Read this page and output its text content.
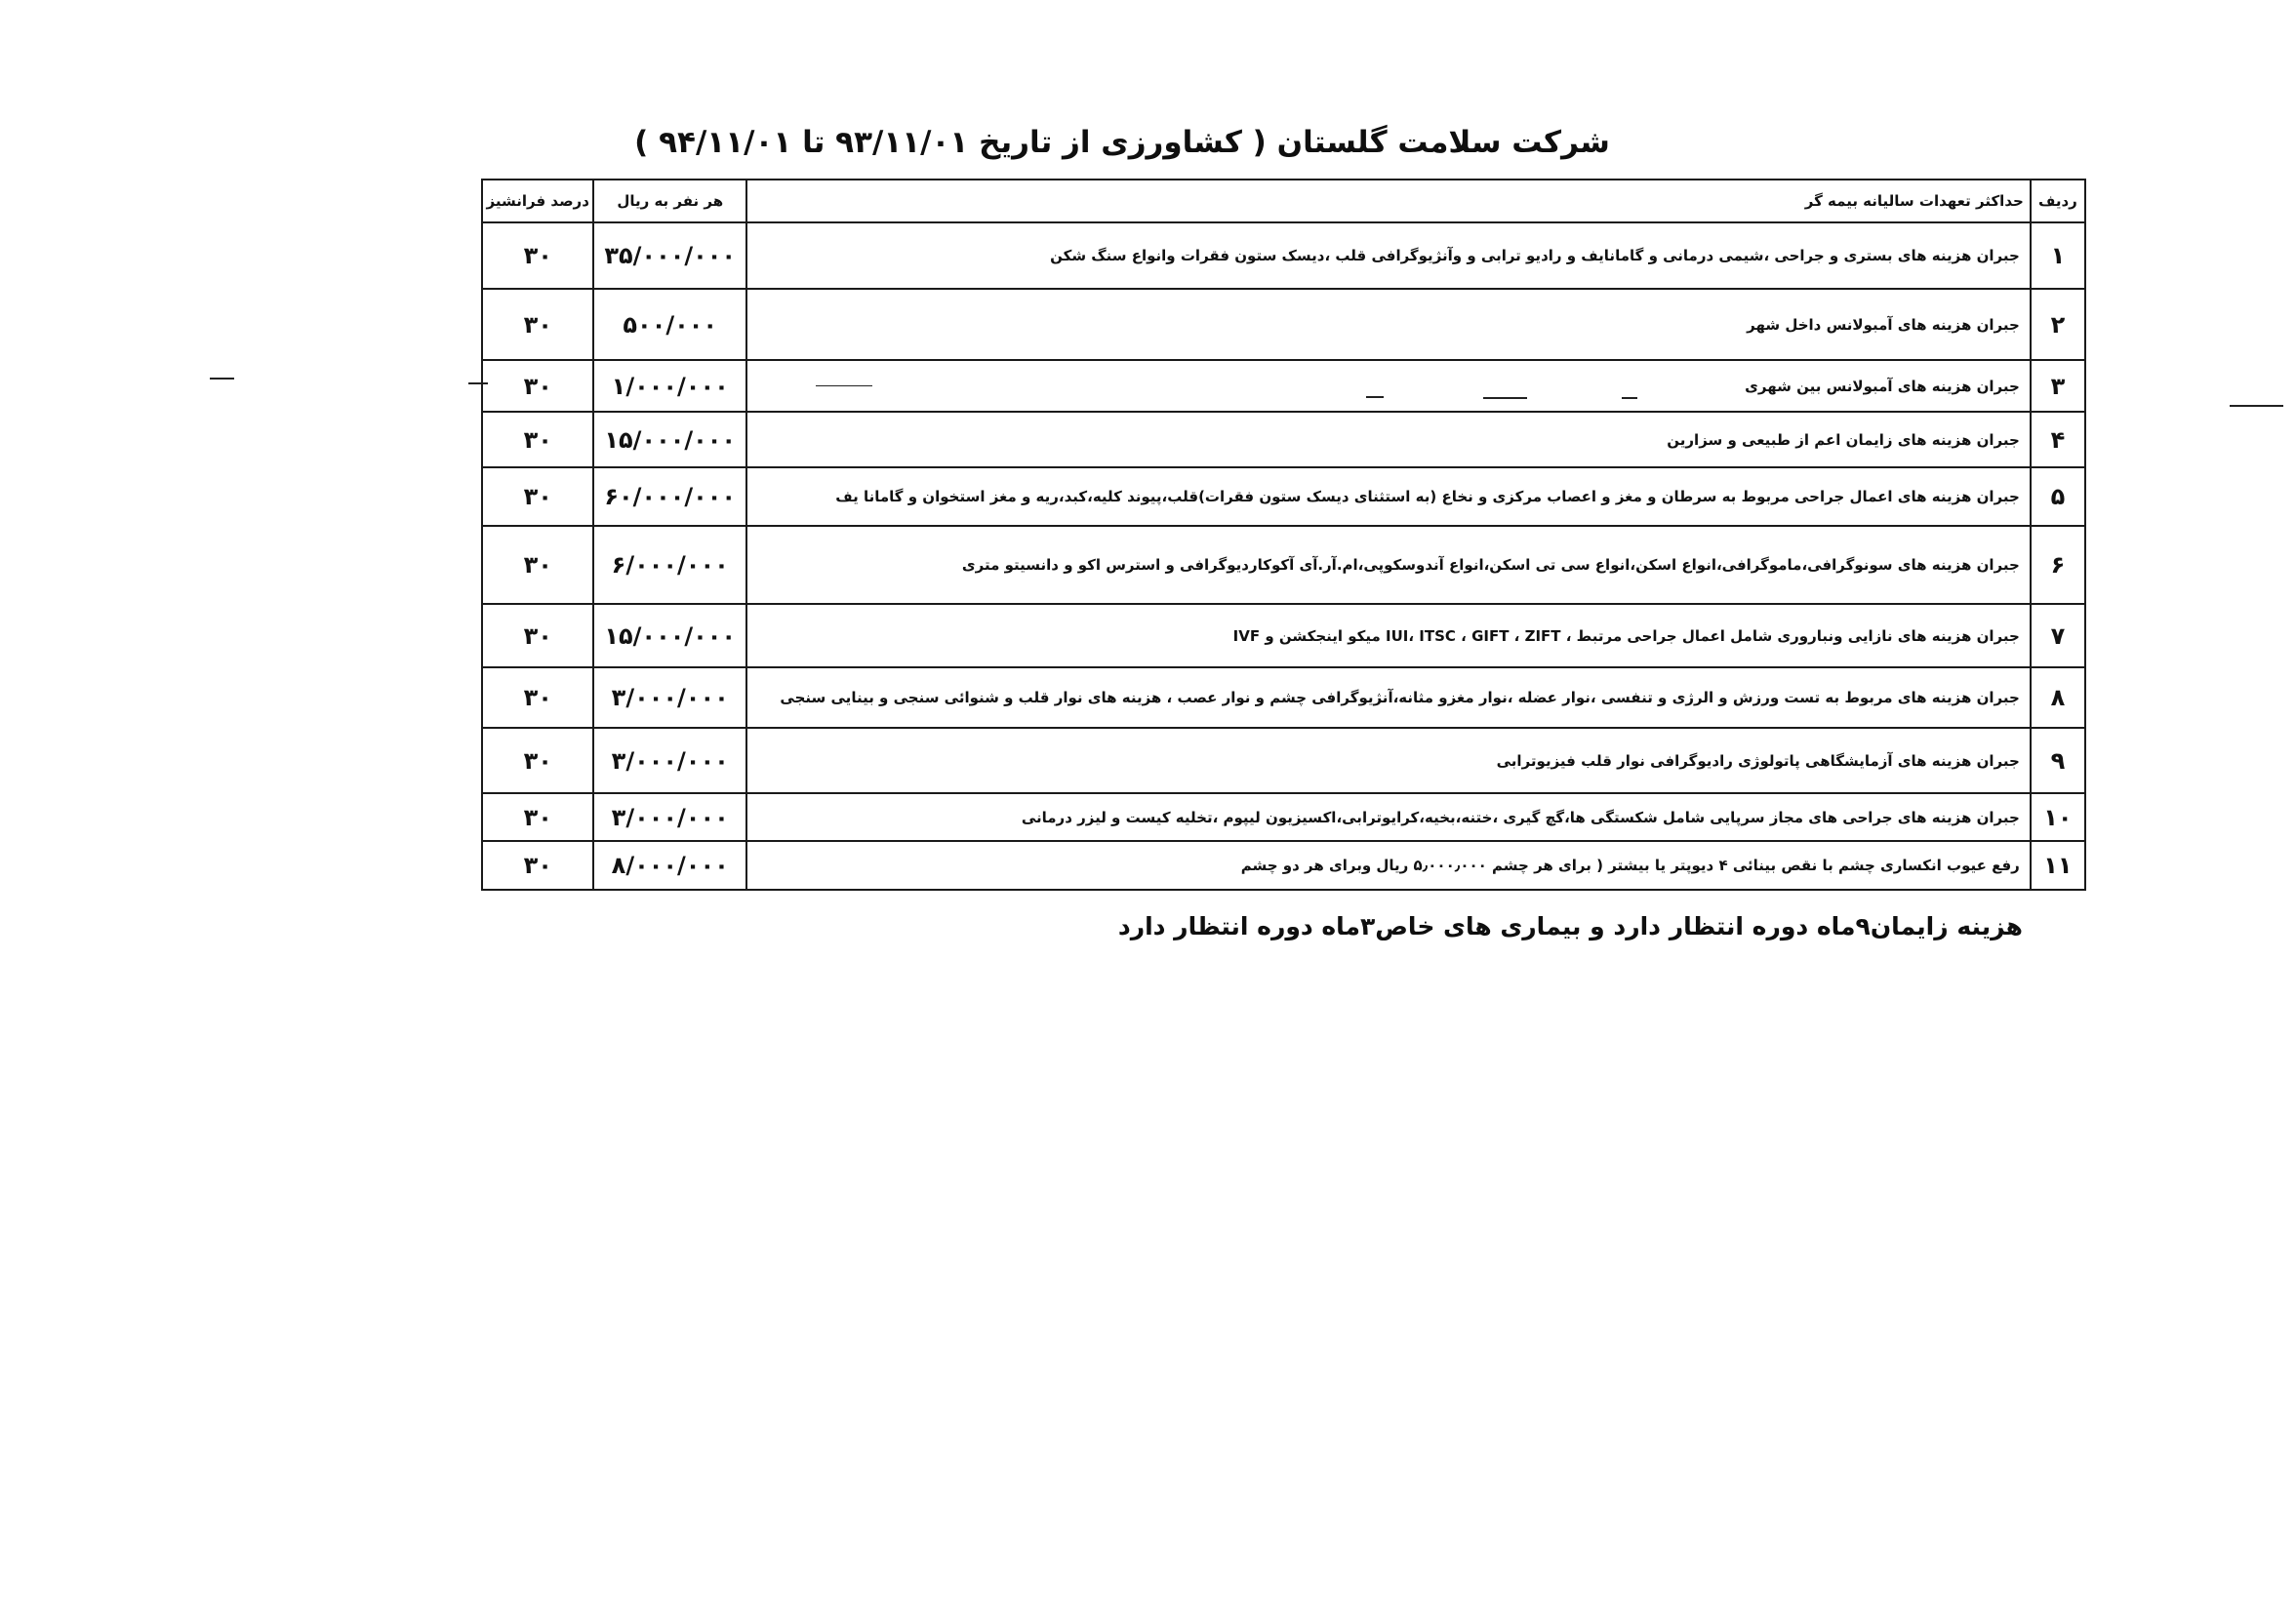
شرکت سلامت گلستان ( کشاورزی از تاریخ ۹۳/۱۱/۰۱ تا ۹۴/۱۱/۰۱ )
ردیف	حداکثر تعهدات سالیانه بیمه گر	هر نفر به ریال	درصد فرانشیز
۱	جبران هزینه های بستری و جراحی ،شیمی درمانی و گامانایف و رادیو ترابی و وآنژیوگرافی قلب ،دیسک ستون فقرات وانواع سنگ شکن	۳۵/۰۰۰/۰۰۰	۳۰
۲	جبران هزینه های آمبولانس داخل شهر	۵۰۰/۰۰۰	۳۰
۳	جبران هزینه های آمبولانس بین شهری	۱/۰۰۰/۰۰۰	۳۰
۴	جبران هزینه های زایمان اعم از طبیعی و سزارین	۱۵/۰۰۰/۰۰۰	۳۰
۵	جبران هزینه های اعمال جراحی مربوط به سرطان و مغز و اعصاب مرکزی و نخاع (به استثنای دیسک ستون فقرات)قلب،پیوند کلیه،کبد،ریه و مغز استخوان و گامانا یف	۶۰/۰۰۰/۰۰۰	۳۰
۶	جبران هزینه های سونوگرافی،ماموگرافی،انواع اسکن،انواع سی تی اسکن،انواع آندوسکوپی،ام.آر.آی آکوکاردیوگرافی و استرس اکو و دانسیتو متری	۶/۰۰۰/۰۰۰	۳۰
۷	جبران هزینه های نازایی ونباروری شامل اعمال جراحی مرتبط ، IUI، ITSC ، GIFT ، ZIFT میکو اینجکشن و IVF	۱۵/۰۰۰/۰۰۰	۳۰
۸	جبران هزینه های مربوط به تست ورزش و الرژی و تنفسی ،نوار عضله ،نوار مغزو مثانه،آنژیوگرافی چشم و نوار عصب ، هزینه های نوار قلب و شنوائی سنجی و بینایی سنجی	۳/۰۰۰/۰۰۰	۳۰
۹	جبران هزینه های آزمایشگاهی پاتولوژی رادیوگرافی نوار قلب فیزیوترابی	۳/۰۰۰/۰۰۰	۳۰
۱۰	جبران هزینه های جراحی های مجاز سرپایی شامل شکستگی ها،گچ گیری ،ختنه،بخیه،کرایوترابی،اکسیزیون لیپوم ،تخلیه کیست و لیزر درمانی	۳/۰۰۰/۰۰۰	۳۰
۱۱	رفع عیوب انکساری چشم با نقص بینائی ۴ دیوپتر یا بیشتر ( برای هر چشم ۵٫۰۰۰٫۰۰۰ ریال وبرای هر دو چشم	۸/۰۰۰/۰۰۰	۳۰
هزینه زایمان۹ماه دوره انتظار دارد و بیماری های خاص۳ماه دوره انتظار دارد
